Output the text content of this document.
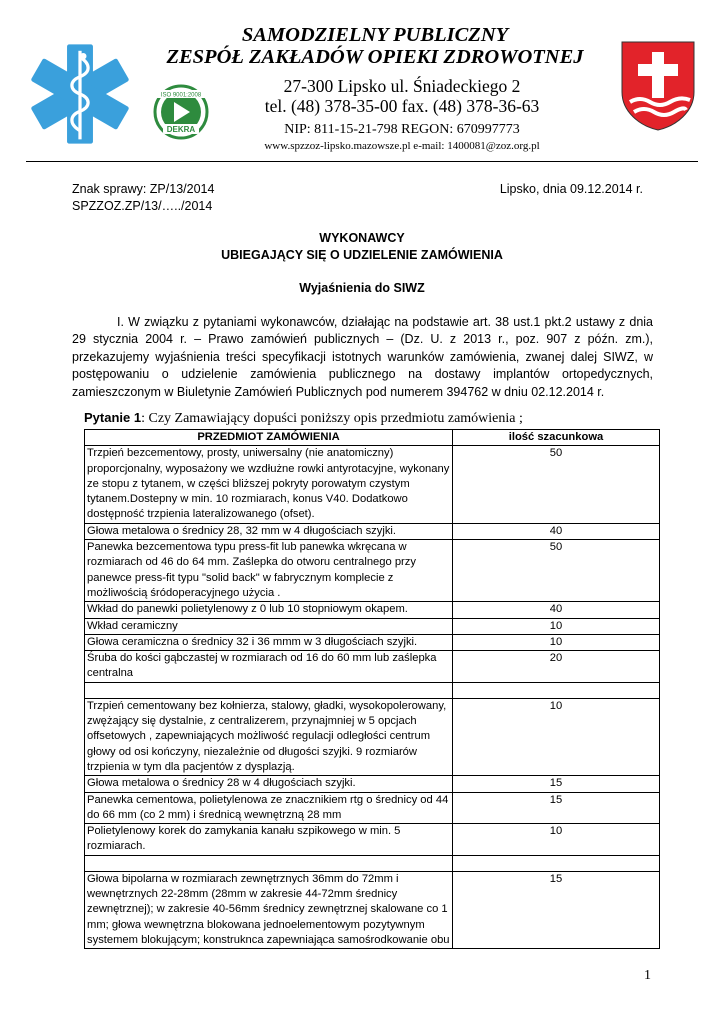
ISO 9001:2008
DEKRA
SAMODZIELNY PUBLICZNY
ZESPÓŁ ZAKŁADÓW OPIEKI ZDROWOTNEJ
27-300 Lipsko ul. Śniadeckiego 2
tel. (48) 378-35-00 fax. (48) 378-36-63
NIP: 811-15-21-798 REGON: 670997773
www.spzzoz-lipsko.mazowsze.pl e-mail: 1400081@zoz.org.pl
Znak sprawy: ZP/13/2014
SPZZOZ.ZP/13/…../2014
Lipsko, dnia 09.12.2014 r.
WYKONAWCY
UBIEGAJĄCY SIĘ O UDZIELENIE ZAMÓWIENIA
Wyjaśnienia do SIWZ

I. W związku z pytaniami wykonawców, działając na podstawie art. 38 ust.1 pkt.2 ustawy z dnia 29 stycznia 2004 r. – Prawo zamówień publicznych – (Dz. U. z 2013 r., poz. 907 z późn. zm.), przekazujemy wyjaśnienia treści specyfikacji istotnych warunków zamówienia, zwanej dalej SIWZ, w postępowaniu o udzielenie zamówienia publicznego na dostawy implantów ortopedycznych, zamieszczonym w Biuletynie Zamówień Publicznych pod numerem 394762 w dniu 02.12.2014 r.

Pytanie 1: Czy Zamawiający dopuści poniższy opis przedmiotu zamówienia ;
PRZEDMIOT ZAMÓWIENIA	ilość szacunkowa
Trzpień bezcementowy, prosty, uniwersalny (nie anatomiczny) proporcjonalny, wyposażony we wzdłużne rowki antyrotacyjne, wykonany ze stopu z tytanem, w części bliższej pokryty porowatym czystym tytanem.Dostepny w min. 10 rozmiarach, konus V40. Dodatkowo dostępność trzpienia lateralizowanego (ofset).	50
Głowa metalowa o średnicy 28, 32 mm w 4 długościach szyjki.	40
Panewka bezcementowa typu press-fit lub panewka wkręcana w rozmiarach od 46 do 64 mm. Zaślepka do otworu centralnego przy panewce press-fit typu "solid back" w fabrycznym komplecie z możliwością śródoperacyjnego użycia .	50
Wkład do panewki polietylenowy z 0 lub 10 stopniowym okapem.	40
Wkład ceramiczny	10
Głowa ceramiczna o średnicy 32 i 36 mmm w 3 długościach szyjki.	10
Śruba do kości gąbczastej w rozmiarach od 16 do 60 mm lub zaślepka centralna	20

Trzpień cementowany bez kołnierza, stalowy, gładki, wysokopolerowany, zwężający się dystalnie, z centralizerem, przynajmniej w 5 opcjach offsetowych , zapewniających możliwość regulacji odległości centrum głowy od osi kończyny, niezależnie od długości szyjki. 9 rozmiarów trzpienia w tym dla pacjentów z dysplazją.	10
Głowa metalowa o średnicy 28 w 4 długościach szyjki.	15
Panewka cementowa, polietylenowa ze znacznikiem rtg o średnicy od 44 do 66 mm (co 2 mm) i średnicą wewnętrzną 28 mm	15
Polietylenowy korek do zamykania kanału szpikowego w min. 5 rozmiarach.	10

Głowa bipolarna w rozmiarach zewnętrznych 36mm do 72mm i wewnętrznych 22-28mm (28mm w zakresie 44-72mm średnicy zewnętrznej); w zakresie 40-56mm średnicy zewnętrznej skalowane co 1 mm; głowa wewnętrzna blokowana jednoelementowym pozytywnym systemem blokującym; konstruknca zapewniająca samośrodkowanie obu	15
1
